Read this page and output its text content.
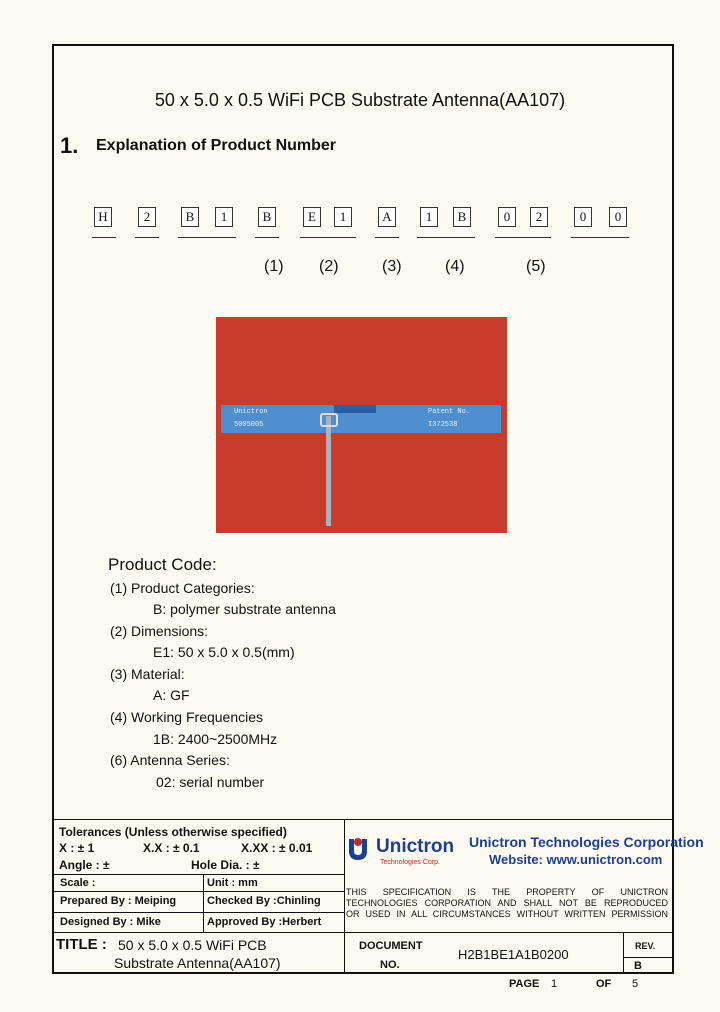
50 x 5.0 x 0.5 WiFi PCB Substrate Antenna(AA107)
1. Explanation of Product Number
H	2	B	1	B	E	1	A	1	B	0	2	0	0
(1) (2)	(3)	(4)	(5)
Unictron
5005005
Patent No.
I372538
Product Code:
(1) Product Categories:
B: polymer substrate antenna
(2) Dimensions:
E1: 50 x 5.0 x 0.5(mm)
(3) Material:
A: GF
(4) Working Frequencies
1B: 2400~2500MHz
(6) Antenna Series:
02: serial number
Tolerances (Unless otherwise specified)
X : ± 1	X.X : ± 0.1	X.XX : ± 0.01
Angle : ±	Hole Dia. : ±
Scale :	Unit : mm
Prepared By : Meiping	Checked By :Chinling
Designed By : Mike	Approved By :Herbert
Unictron
Technologies Corp.
Unictron Technologies Corporation
Website: www.unictron.com
THIS SPECIFICATION IS THE PROPERTY OF UNICTRON
TECHNOLOGIES CORPORATION AND SHALL NOT BE REPRODUCED
OR USED IN ALL CIRCUMSTANCES WITHOUT WRITTEN PERMISSION
TITLE : 50 x 5.0 x 0.5 WiFi PCB
Substrate Antenna(AA107)
DOCUMENT
NO.
H2B1BE1A1B0200
REV.
B
PAGE 1	OF 5
